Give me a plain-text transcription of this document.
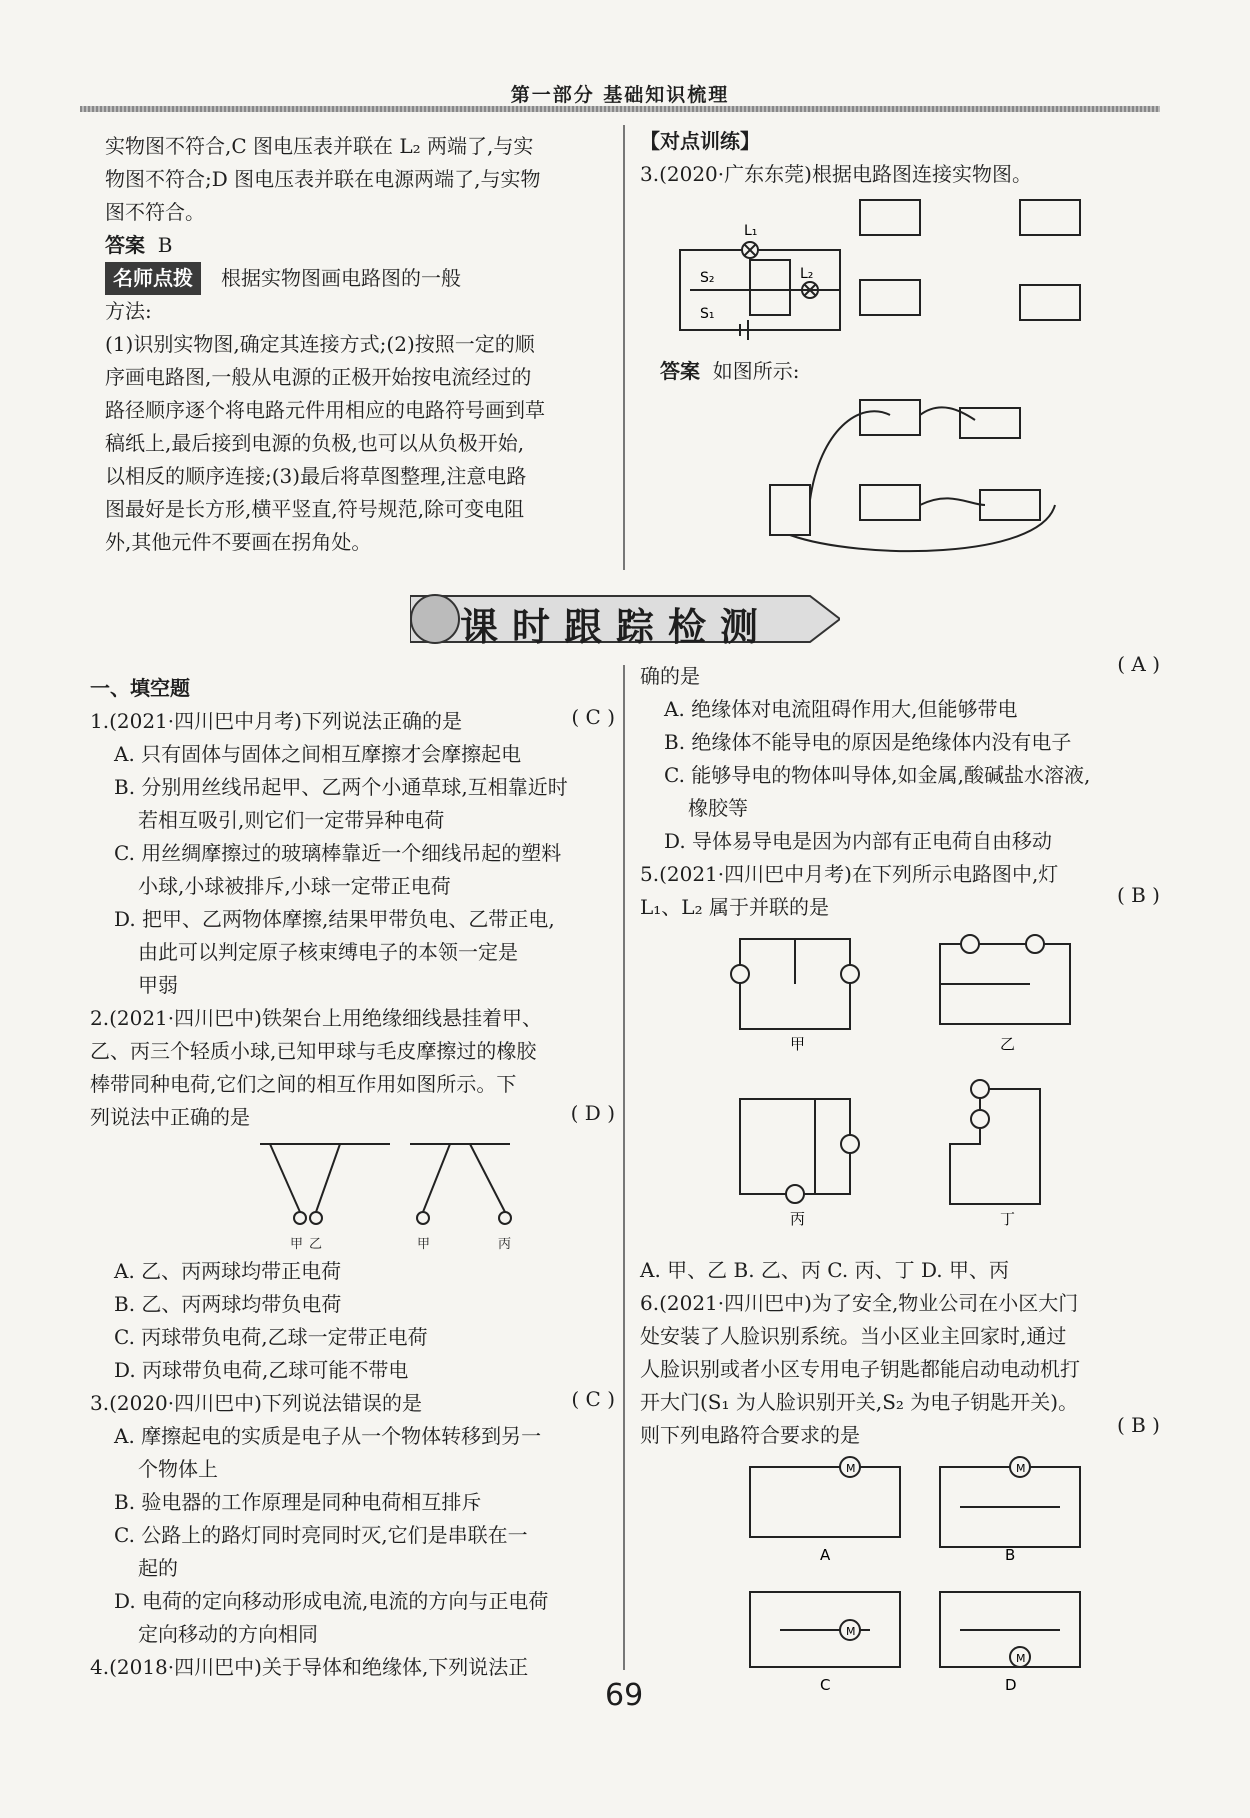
第一部分 基础知识梳理
实物图不符合,C 图电压表并联在 L₂ 两端了,与实
物图不符合;D 图电压表并联在电源两端了,与实物
图不符合。
答案 B
名师点拨 根据实物图画电路图的一般
方法:
(1)识别实物图,确定其连接方式;(2)按照一定的顺
序画电路图,一般从电源的正极开始按电流经过的
路径顺序逐个将电路元件用相应的电路符号画到草
稿纸上,最后接到电源的负极,也可以从负极开始,
以相反的顺序连接;(3)最后将草图整理,注意电路
图最好是长方形,横平竖直,符号规范,除可变电阻
外,其他元件不要画在拐角处。
【对点训练】
3.(2020·广东东莞)根据电路图连接实物图。
L₁
L₂
S₁
S₂
答案 如图所示:
课时跟踪检测
一、填空题
1.(2021·四川巴中月考)下列说法正确的是	( C )
A. 只有固体与固体之间相互摩擦才会摩擦起电
B. 分别用丝线吊起甲、乙两个小通草球,互相靠近时
若相互吸引,则它们一定带异种电荷
C. 用丝绸摩擦过的玻璃棒靠近一个细线吊起的塑料
小球,小球被排斥,小球一定带正电荷
D. 把甲、乙两物体摩擦,结果甲带负电、乙带正电,
由此可以判定原子核束缚电子的本领一定是
甲弱
2.(2021·四川巴中)铁架台上用绝缘细线悬挂着甲、
乙、丙三个轻质小球,已知甲球与毛皮摩擦过的橡胶
棒带同种电荷,它们之间的相互作用如图所示。下
列说法中正确的是	( D )
甲 乙	甲	丙
A. 乙、丙两球均带正电荷
B. 乙、丙两球均带负电荷
C. 丙球带负电荷,乙球一定带正电荷
D. 丙球带负电荷,乙球可能不带电
3.(2020·四川巴中)下列说法错误的是	( C )
A. 摩擦起电的实质是电子从一个物体转移到另一
个物体上
B. 验电器的工作原理是同种电荷相互排斥
C. 公路上的路灯同时亮同时灭,它们是串联在一
起的
D. 电荷的定向移动形成电流,电流的方向与正电荷
定向移动的方向相同
4.(2018·四川巴中)关于导体和绝缘体,下列说法正
确的是	( A )
A. 绝缘体对电流阻碍作用大,但能够带电
B. 绝缘体不能导电的原因是绝缘体内没有电子
C. 能够导电的物体叫导体,如金属,酸碱盐水溶液,
橡胶等
D. 导体易导电是因为内部有正电荷自由移动
5.(2021·四川巴中月考)在下列所示电路图中,灯
L₁、L₂ 属于并联的是	( B )
甲	乙
丙	丁
A. 甲、乙 B. 乙、丙 C. 丙、丁 D. 甲、丙
6.(2021·四川巴中)为了安全,物业公司在小区大门
处安装了人脸识别系统。当小区业主回家时,通过
人脸识别或者小区专用电子钥匙都能启动电动机打
开大门(S₁ 为人脸识别开关,S₂ 为电子钥匙开关)。
则下列电路符合要求的是	( B )
M	M
M
M
A	B
C	D
69
